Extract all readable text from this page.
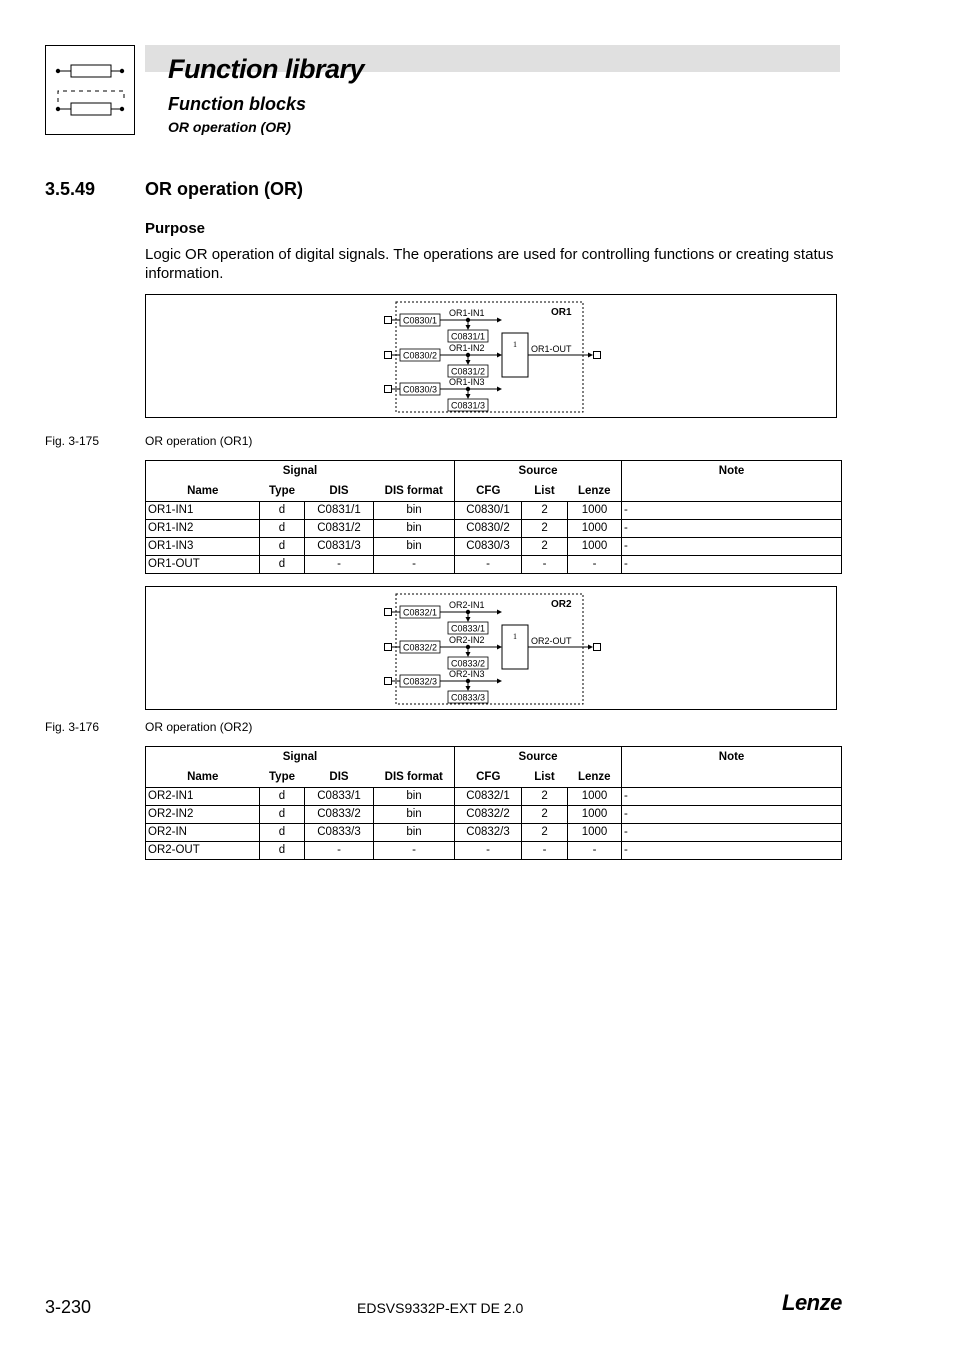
Function library
Function blocks
OR operation (OR)
3.5.49	OR operation (OR)
Purpose
Logic OR operation of digital signals. The operations are used for controlling functions or creating status information.
OR1
1
C0830/1
OR1-IN1
C0831/1
C0830/2
OR1-IN2
C0831/2
C0830/3
OR1-IN3
C0831/3
OR1-OUT
Fig. 3-175	OR operation (OR1)
Signal				Source			Note
Name	Type	DIS	DIS format	CFG	List	Lenze	
OR1-IN1	d	C0831/1	bin	C0830/1	2	1000	-
OR1-IN2	d	C0831/2	bin	C0830/2	2	1000	-
OR1-IN3	d	C0831/3	bin	C0830/3	2	1000	-
OR1-OUT	d	-	-	-	-	-	-
OR2
1
C0832/1
OR2-IN1
C0833/1
C0832/2
OR2-IN2
C0833/2
C0832/3
OR2-IN3
C0833/3
OR2-OUT
Fig. 3-176	OR operation (OR2)
Signal				Source			Note
Name	Type	DIS	DIS format	CFG	List	Lenze	
OR2-IN1	d	C0833/1	bin	C0832/1	2	1000	-
OR2-IN2	d	C0833/2	bin	C0832/2	2	1000	-
OR2-IN	d	C0833/3	bin	C0832/3	2	1000	-
OR2-OUT	d	-	-	-	-	-	-
3-230	EDSVS9332P-EXT DE 2.0	Lenze
